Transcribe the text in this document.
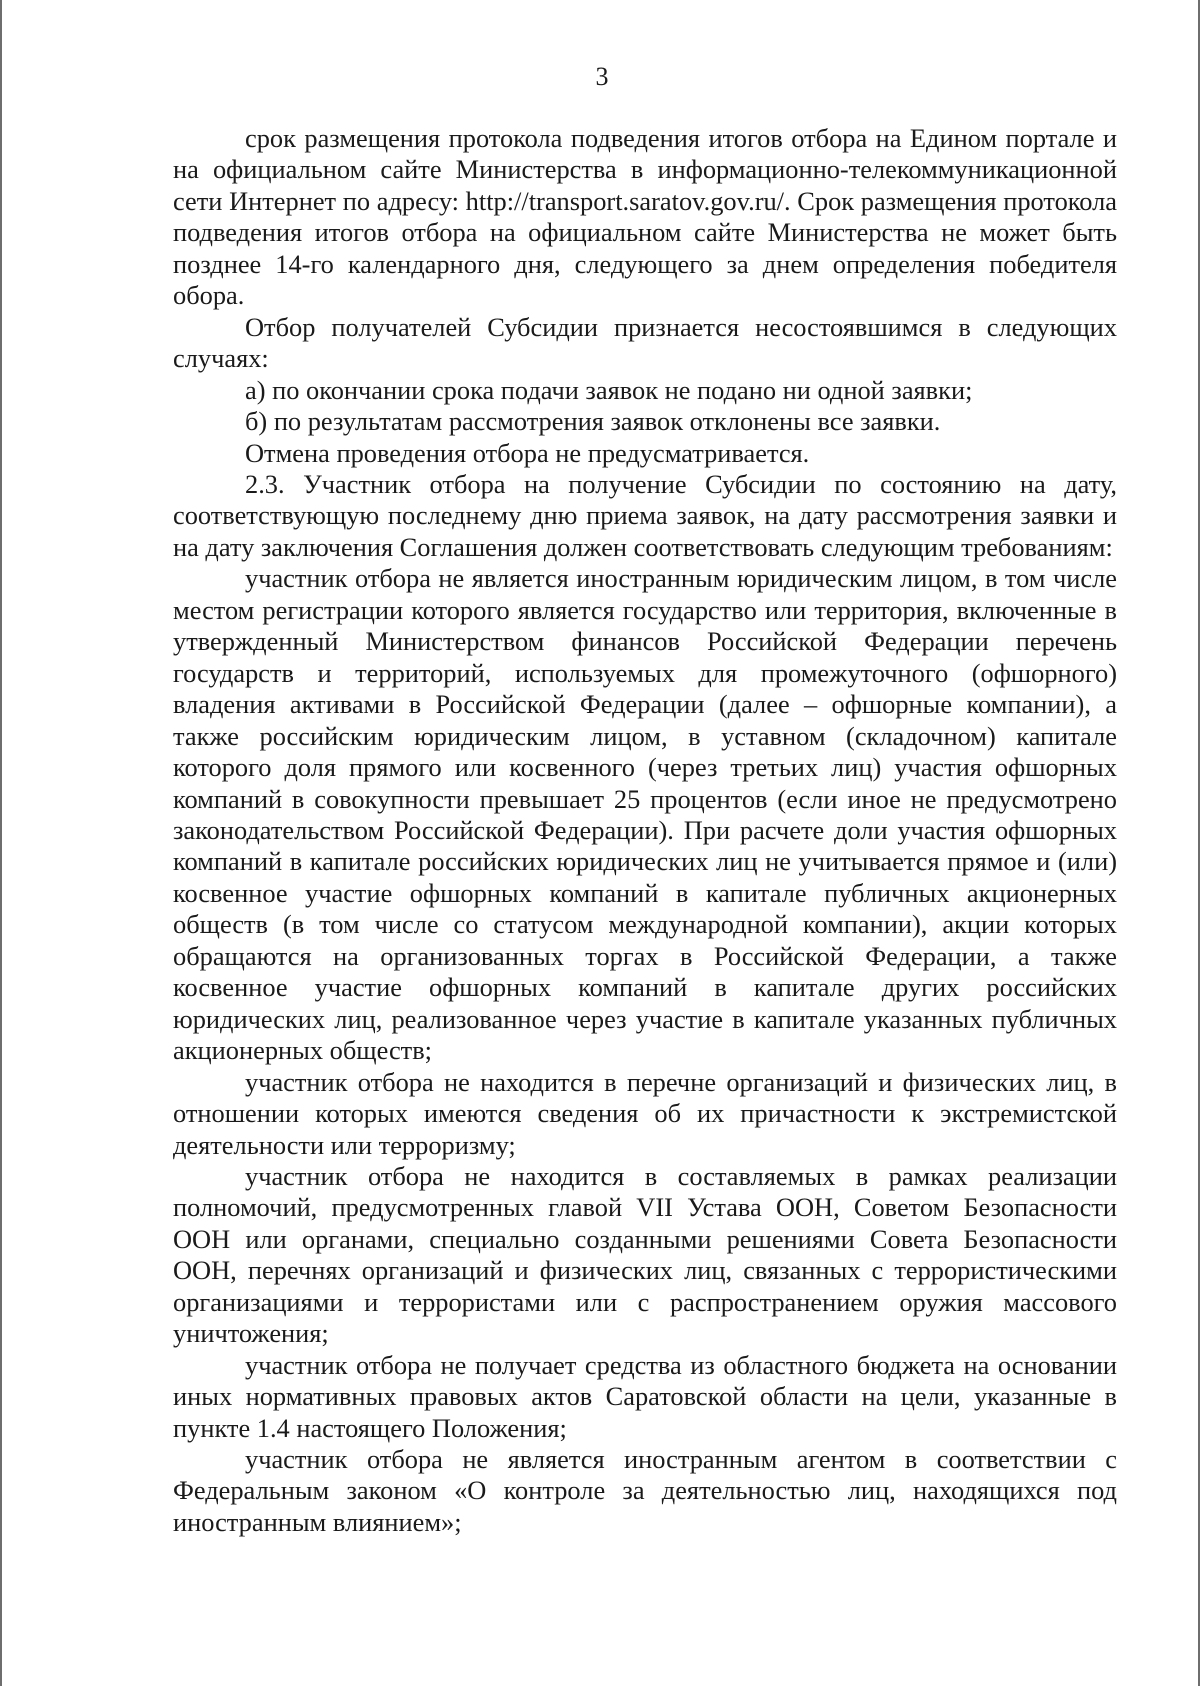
3

срок размещения протокола подведения итогов отбора на Едином портале и на официальном сайте Министерства в информационно-телекоммуникационной сети Интернет по адресу: http://transport.saratov.gov.ru/. Срок размещения протокола подведения итогов отбора на официальном сайте Министерства не может быть позднее 14-го календарного дня, следующего за днем определения победителя обора.

Отбор получателей Субсидии признается несостоявшимся в следующих случаях:

а) по окончании срока подачи заявок не подано ни одной заявки;

б) по результатам рассмотрения заявок отклонены все заявки.

Отмена проведения отбора не предусматривается.

2.3. Участник отбора на получение Субсидии по состоянию на дату, соответствующую последнему дню приема заявок, на дату рассмотрения заявки и на дату заключения Соглашения должен соответствовать следующим требованиям:

участник отбора не является иностранным юридическим лицом, в том числе местом регистрации которого является государство или территория, включенные в утвержденный Министерством финансов Российской Федерации перечень государств и территорий, используемых для промежуточного (офшорного) владения активами в Российской Федерации (далее – офшорные компании), а также российским юридическим лицом, в уставном (складочном) капитале которого доля прямого или косвенного (через третьих лиц) участия офшорных компаний в совокупности превышает 25 процентов (если иное не предусмотрено законодательством Российской Федерации). При расчете доли участия офшорных компаний в капитале российских юридических лиц не учитывается прямое и (или) косвенное участие офшорных компаний в капитале публичных акционерных обществ (в том числе со статусом международной компании), акции которых обращаются на организованных торгах в Российской Федерации, а также косвенное участие офшорных компаний в капитале других российских юридических лиц, реализованное через участие в капитале указанных публичных акционерных обществ;

участник отбора не находится в перечне организаций и физических лиц, в отношении которых имеются сведения об их причастности к экстремистской деятельности или терроризму;

участник отбора не находится в составляемых в рамках реализации полномочий, предусмотренных главой VII Устава ООН, Советом Безопасности ООН или органами, специально созданными решениями Совета Безопасности ООН, перечнях организаций и физических лиц, связанных с террористическими организациями и террористами или с распространением оружия массового уничтожения;

участник отбора не получает средства из областного бюджета на основании иных нормативных правовых актов Саратовской области на цели, указанные в пункте 1.4 настоящего Положения;

участник отбора не является иностранным агентом в соответствии с Федеральным законом «О контроле за деятельностью лиц, находящихся под иностранным влиянием»;
